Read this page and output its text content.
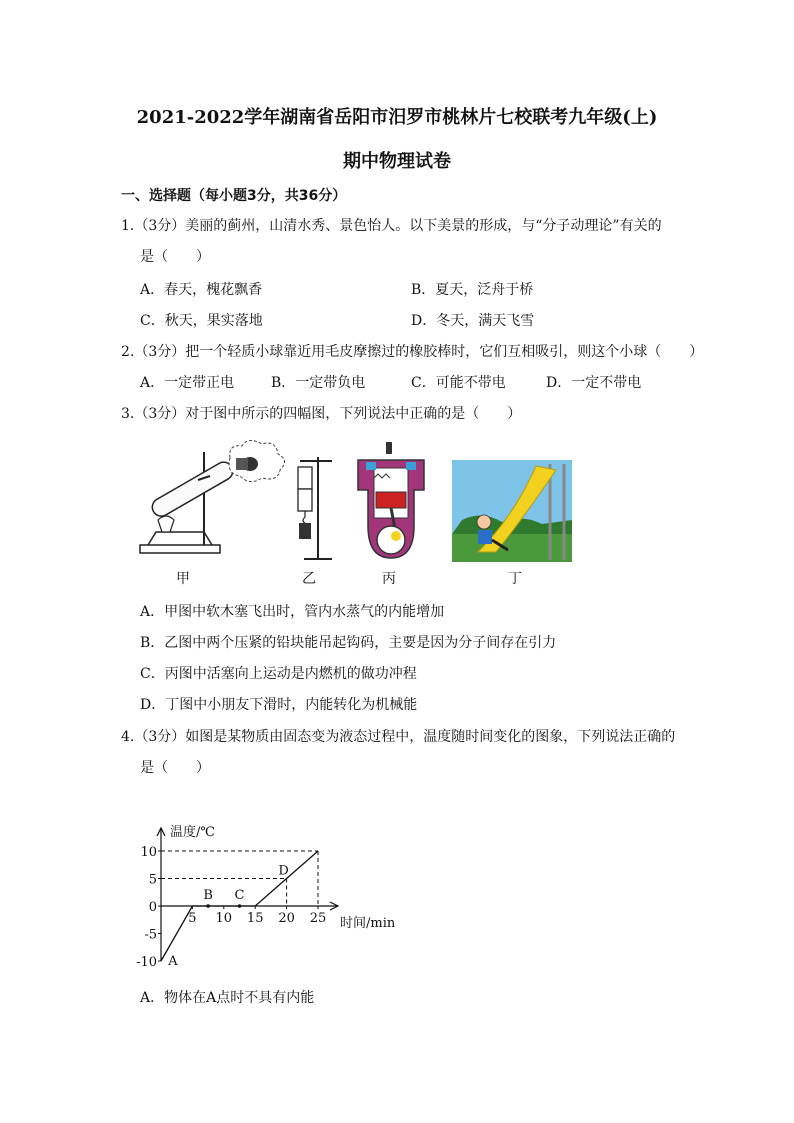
2021-2022学年湖南省岳阳市汨罗市桃林片七校联考九年级(上)
期中物理试卷
一、选择题（每小题3分，共36分）
1.（3分）美丽的蓟州，山清水秀、景色怡人。以下美景的形成，与“分子动理论”有关的
是（　　）
A．春天，槐花飘香	B．夏天，泛舟于桥
C．秋天，果实落地	D．冬天，满天飞雪
2.（3分）把一个轻质小球靠近用毛皮摩擦过的橡胶棒时，它们互相吸引，则这个小球（　　）
A．一定带正电	B．一定带负电	C．可能不带电	D．一定不带电
3.（3分）对于图中所示的四幅图，下列说法中正确的是（　　）
甲	乙	丙	丁
A．甲图中软木塞飞出时，管内水蒸气的内能增加
B．乙图中两个压紧的铅块能吊起钩码，主要是因为分子间存在引力
C．丙图中活塞向上运动是内燃机的做功冲程
D．丁图中小朋友下滑时，内能转化为机械能
4.（3分）如图是某物质由固态变为液态过程中，温度随时间变化的图象，下列说法正确的
是（　　）
温度/℃
时间/min
10
5
0
-5
-10
5 10 15 20 25
A
B C
D
A．物体在A点时不具有内能
